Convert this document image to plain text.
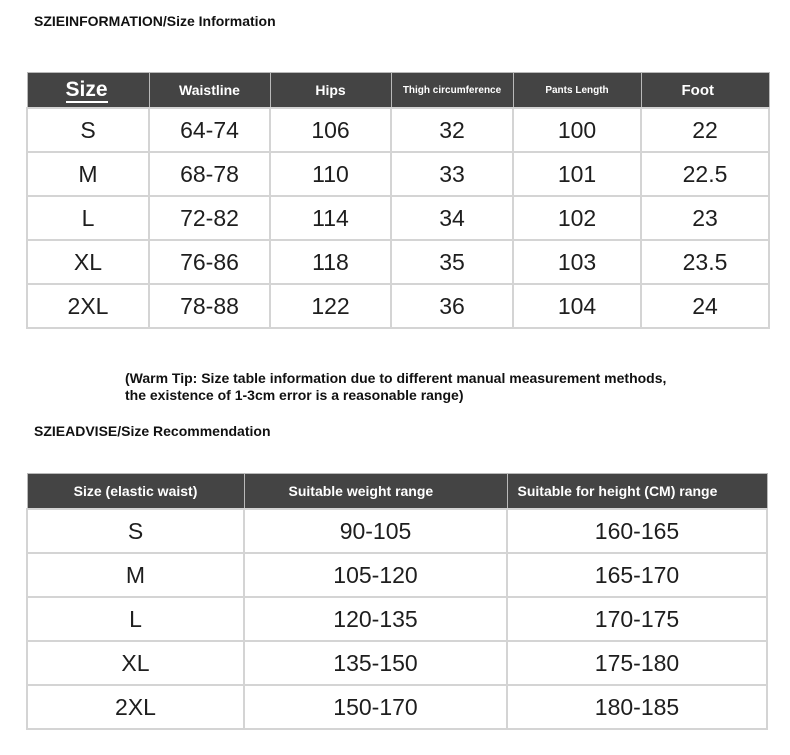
SZIEINFORMATION/Size Information
Size	Waistline	Hips	Thigh circumference	Pants Length	Foot
S	64-74	106	32	100	22
M	68-78	110	33	101	22.5
L	72-82	114	34	102	23
XL	76-86	118	35	103	23.5
2XL	78-88	122	36	104	24
(Warm Tip: Size table information due to different manual measurement methods,
the existence of 1-3cm error is a reasonable range)
SZIEADVISE/Size Recommendation
Size (elastic waist)	Suitable weight range	Suitable for height (CM) range
S	90-105	160-165
M	105-120	165-170
L	120-135	170-175
XL	135-150	175-180
2XL	150-170	180-185
